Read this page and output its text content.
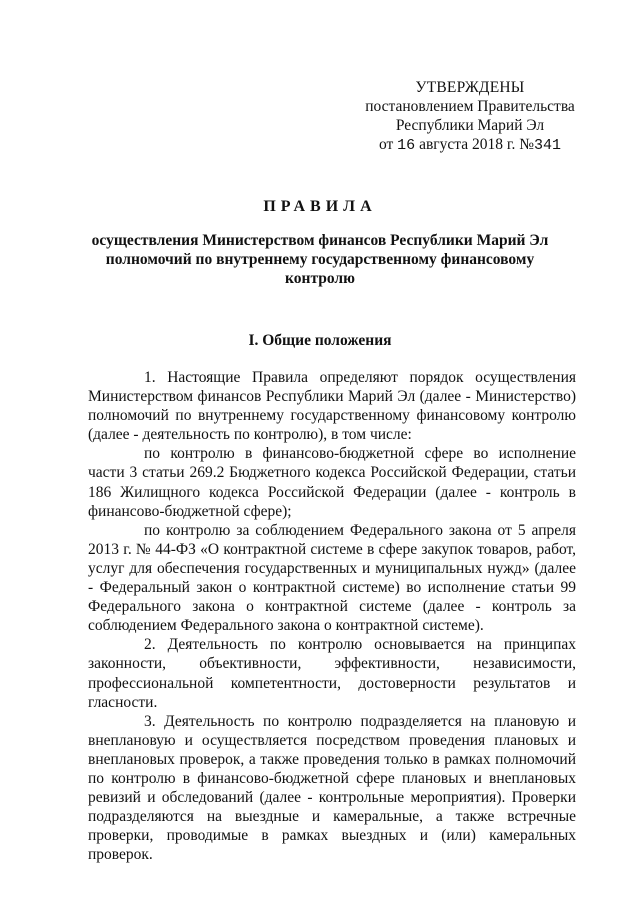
УТВЕРЖДЕНЫ
постановлением Правительства
Республики Марий Эл
от 16 августа 2018 г. №341
ПРАВИЛА
осуществления Министерством финансов Республики Марий Эл полномочий по внутреннему государственному финансовому контролю
I. Общие положения

1. Настоящие Правила определяют порядок осуществления Министерством финансов Республики Марий Эл (далее - Министерство) полномочий по внутреннему государственному финансовому контролю (далее - деятельность по контролю), в том числе:

по контролю в финансово-бюджетной сфере во исполнение части 3 статьи 269.2 Бюджетного кодекса Российской Федерации, статьи 186 Жилищного кодекса Российской Федерации (далее - контроль в финансово-бюджетной сфере);

по контролю за соблюдением Федерального закона от 5 апреля 2013 г. № 44-ФЗ «О контрактной системе в сфере закупок товаров, работ, услуг для обеспечения государственных и муниципальных нужд» (далее - Федеральный закон о контрактной системе) во исполнение статьи 99 Федерального закона о контрактной системе (далее - контроль за соблюдением Федерального закона о контрактной системе).

2. Деятельность по контролю основывается на принципах законности, объективности, эффективности, независимости, профессиональной компетентности, достоверности результатов и гласности.

3. Деятельность по контролю подразделяется на плановую и внеплановую и осуществляется посредством проведения плановых и внеплановых проверок, а также проведения только в рамках полномочий по контролю в финансово-бюджетной сфере плановых и внеплановых ревизий и обследований (далее - контрольные мероприятия). Проверки подразделяются на выездные и камеральные, а также встречные проверки, проводимые в рамках выездных и (или) камеральных проверок.
